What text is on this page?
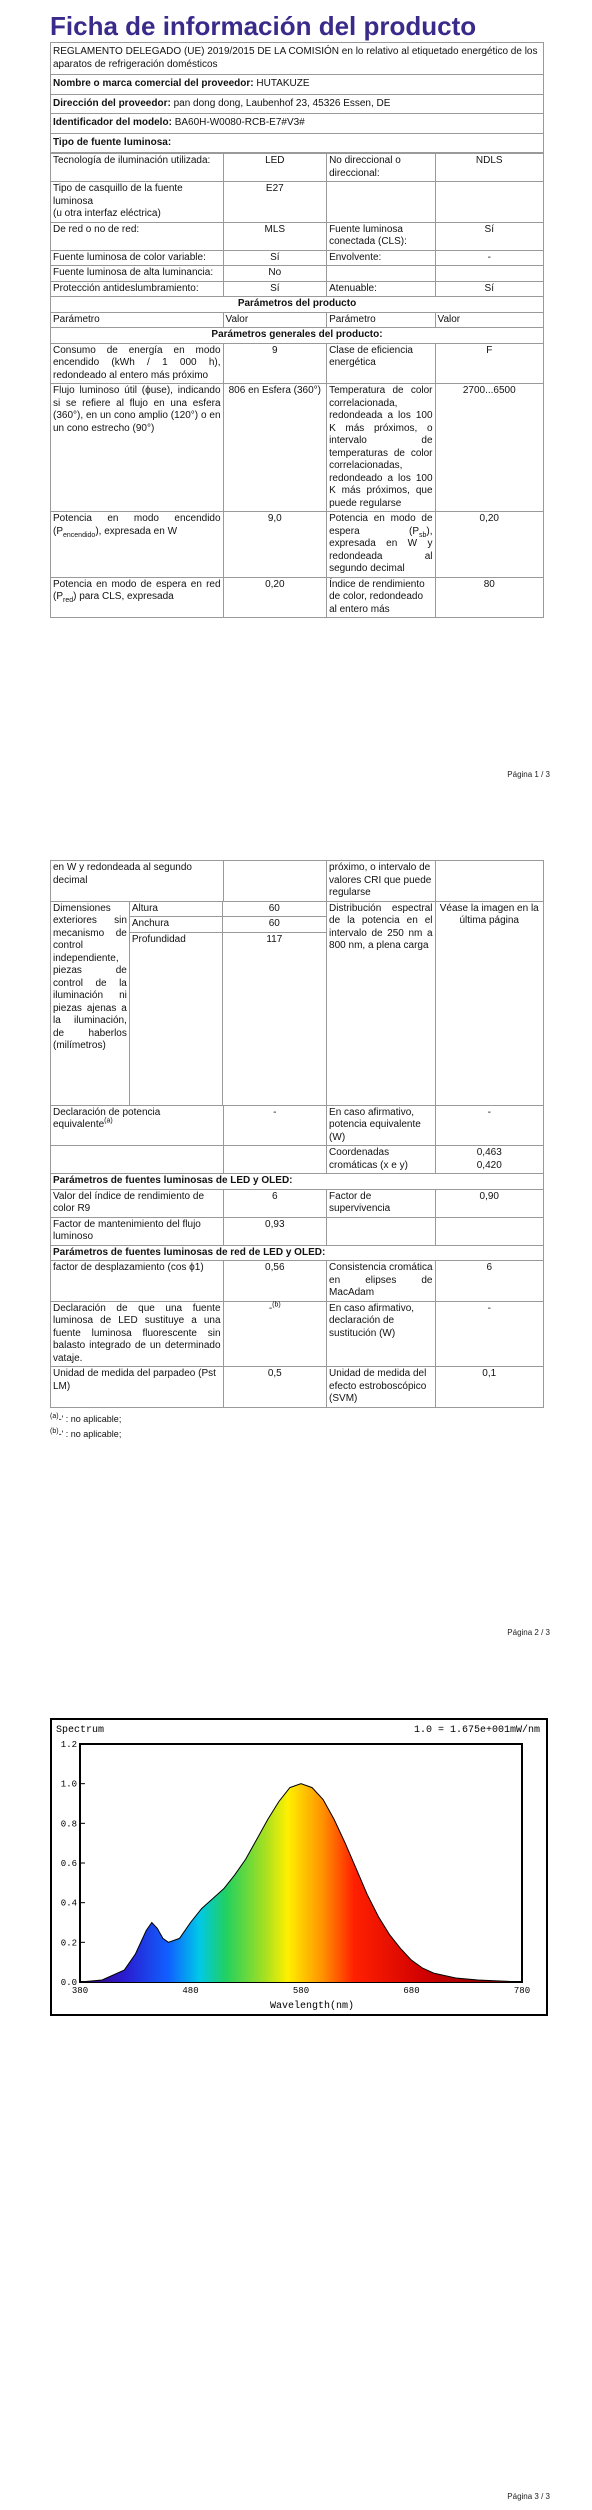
Ficha de información del producto
REGLAMENTO DELEGADO (UE) 2019/2015 DE LA COMISIÓN en lo relativo al etiquetado energético de los aparatos de refrigeración domésticos
Nombre o marca comercial del proveedor: HUTAKUZE
Dirección del proveedor: pan dong dong, Laubenhof 23, 45326 Essen, DE
Identificador del modelo: BA60H-W0080-RCB-E7#V3#
Tipo de fuente luminosa:
Tecnología de iluminación utilizada:	LED	No direccional o direccional:	NDLS
Tipo de casquillo de la fuente luminosa
(u otra interfaz eléctrica)	E27		
De red o no de red:	MLS	Fuente luminosa conectada (CLS):	Sí
Fuente luminosa de color variable:	Sí	Envolvente:	-
Fuente luminosa de alta luminancia:	No		
Protección antideslumbramiento:	Sí	Atenuable:	Sí
Parámetros del producto			
Parámetro	Valor	Parámetro	Valor
Parámetros generales del producto:			
Consumo de energía en modo encendido (kWh / 1 000 h), redondeado al entero más próximo	9	Clase de eficiencia energética	F
Flujo luminoso útil (ϕuse), indicando si se refiere al flujo en una esfera (360°), en un cono amplio (120°) o en un cono estrecho (90°)	806 en Esfera (360°)	Temperatura de color correlacionada, redondeada a los 100 K más próximos, o intervalo de temperaturas de color correlacionadas, redondeado a los 100 K más próximos, que puede regularse	2700...6500
Potencia en modo encendido $(P_{encendido})$, expresada en W	9,0	Potencia en modo de espera $(P_{sb})$, expresada en W y redondeada al segundo decimal	0,20
Potencia en modo de espera en red $(P_{red})$ para CLS, expresada	0,20	Índice de rendimiento de color, redondeado al entero más	80
Página 1 / 3
en W y redondeada al segundo decimal		próximo, o intervalo de valores CRI que puede regularse	
Dimensiones exteriores sin mecanismo de control independiente, piezas de control de la iluminación ni piezas ajenas a la iluminación, de haberlos (milímetros)	
Altura	60
Anchura	60
Profundidad	117
	Distribución espectral de la potencia en el intervalo de 250 nm a 800 nm, a plena carga	Véase la imagen en la última página
Declaración de potencia equivalente$^{(a)}$	-	En caso afirmativo, potencia equivalente (W)	-
		Coordenadas cromáticas (x e y)	0,463
0,420
Parámetros de fuentes luminosas de LED y OLED:
Valor del índice de rendimiento de color R9	6	Factor de supervivencia	0,90
Factor de mantenimiento del flujo luminoso	0,93		
Parámetros de fuentes luminosas de red de LED y OLED:
factor de desplazamiento (cos ϕ1)	0,56	Consistencia cromática en elipses de MacAdam	6
Declaración de que una fuente luminosa de LED sustituye a una fuente luminosa fluorescente sin balasto integrado de un determinado vataje.	-$^{(b)}$	En caso afirmativo, declaración de sustitución (W)	-
Unidad de medida del parpadeo (Pst LM)	0,5	Unidad de medida del efecto estroboscópico (SVM)	0,1
$^{(a)}$-' : no aplicable;
$^{(b)}$-' : no aplicable;
Página 2 / 3
Spectrum	1.0 = 1.675e+001mW/nm
Wavelength(nm)
0.0
0.2
0.4
0.6
0.8
1.0
1.2
380	480	580	680	780
Página 3 / 3
